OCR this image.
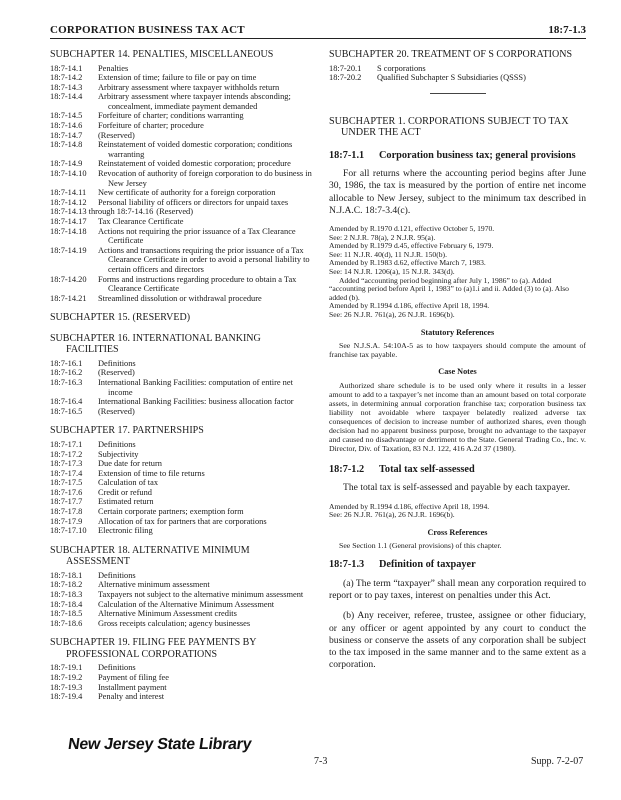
CORPORATION BUSINESS TAX ACT	18:7-1.3
SUBCHAPTER 14. PENALTIES, MISCELLANEOUS
18:7-14.1	Penalties
18:7-14.2	Extension of time; failure to file or pay on time
18:7-14.3	Arbitrary assessment where taxpayer withholds return
18:7-14.4	Arbitrary assessment where taxpayer intends absconding; concealment, immediate payment demanded
18:7-14.5	Forfeiture of charter; conditions warranting
18:7-14.6	Forfeiture of charter; procedure
18:7-14.7	(Reserved)
18:7-14.8	Reinstatement of voided domestic corporation; conditions warranting
18:7-14.9	Reinstatement of voided domestic corporation; procedure
18:7-14.10	Revocation of authority of foreign corporation to do business in New Jersey
18:7-14.11	New certificate of authority for a foreign corporation
18:7-14.12	Personal liability of officers or directors for unpaid taxes
18:7-14.13 through 18:7-14.16 (Reserved)
18:7-14.17	Tax Clearance Certificate
18:7-14.18	Actions not requiring the prior issuance of a Tax Clearance Certificate
18:7-14.19	Actions and transactions requiring the prior issuance of a Tax Clearance Certificate in order to avoid a personal liability to certain officers and directors
18:7-14.20	Forms and instructions regarding procedure to obtain a Tax Clearance Certificate
18:7-14.21	Streamlined dissolution or withdrawal procedure
SUBCHAPTER 15. (RESERVED)
SUBCHAPTER 16. INTERNATIONAL BANKING
FACILITIES
18:7-16.1	Definitions
18:7-16.2	(Reserved)
18:7-16.3	International Banking Facilities: computation of entire net income
18:7-16.4	International Banking Facilities: business allocation factor
18:7-16.5	(Reserved)
SUBCHAPTER 17. PARTNERSHIPS
18:7-17.1	Definitions
18:7-17.2	Subjectivity
18:7-17.3	Due date for return
18:7-17.4	Extension of time to file returns
18:7-17.5	Calculation of tax
18:7-17.6	Credit or refund
18:7-17.7	Estimated return
18:7-17.8	Certain corporate partners; exemption form
18:7-17.9	Allocation of tax for partners that are corporations
18:7-17.10	Electronic filing
SUBCHAPTER 18. ALTERNATIVE MINIMUM
ASSESSMENT
18:7-18.1	Definitions
18:7-18.2	Alternative minimum assessment
18:7-18.3	Taxpayers not subject to the alternative minimum assessment
18:7-18.4	Calculation of the Alternative Minimum Assessment
18:7-18.5	Alternative Minimum Assessment credits
18:7-18.6	Gross receipts calculation; agency businesses
SUBCHAPTER 19. FILING FEE PAYMENTS BY
PROFESSIONAL CORPORATIONS
18:7-19.1	Definitions
18:7-19.2	Payment of filing fee
18:7-19.3	Installment payment
18:7-19.4	Penalty and interest
SUBCHAPTER 20. TREATMENT OF S CORPORATIONS
18:7-20.1	S corporations
18:7-20.2	Qualified Subchapter S Subsidiaries (QSSS)
SUBCHAPTER 1. CORPORATIONS SUBJECT TO TAX
UNDER THE ACT
18:7-1.1 Corporation business tax; general provisions

For all returns where the accounting period begins after June 30, 1986, the tax is measured by the portion of entire net income allocable to New Jersey, subject to the minimum tax described in N.J.A.C. 18:7-3.4(c).

Amended by R.1970 d.121, effective October 5, 1970.

See: 2 N.J.R. 78(a), 2 N.J.R. 95(a).

Amended by R.1979 d.45, effective February 6, 1979.

See: 11 N.J.R. 40(d), 11 N.J.R. 150(b).

Amended by R.1983 d.62, effective March 7, 1983.

See: 14 N.J.R. 1206(a), 15 N.J.R. 343(d).

Added “accounting period beginning after July 1, 1986” to (a). Added “accounting period before April 1, 1983” to (a)1.i and ii. Added (3) to (a). Also added (b).

Amended by R.1994 d.186, effective April 18, 1994.

See: 26 N.J.R. 761(a), 26 N.J.R. 1696(b).

Statutory References

See N.J.S.A. 54:10A-5 as to how taxpayers should compute the amount of franchise tax payable.

Case Notes

Authorized share schedule is to be used only where it results in a lesser amount to add to a taxpayer’s net income than an amount based on total corporate assets, in determining annual corporation franchise tax; corporation business tax liability not avoidable where taxpayer belatedly realized adverse tax consequences of decision to increase number of authorized shares, even though decision had no apparent business purpose, brought no advantage to the taxpayer and caused no disadvantage or detriment to the State. General Trading Co., Inc. v. Director, Div. of Taxation, 83 N.J. 122, 416 A.2d 37 (1980).

18:7-1.2 Total tax self-assessed

The total tax is self-assessed and payable by each taxpayer.

Amended by R.1994 d.186, effective April 18, 1994.

See: 26 N.J.R. 761(a), 26 N.J.R. 1696(b).

Cross References

See Section 1.1 (General provisions) of this chapter.

18:7-1.3 Definition of taxpayer

(a) The term “taxpayer” shall mean any corporation required to report or to pay taxes, interest on penalties under this Act.

(b) Any receiver, referee, trustee, assignee or other fiduciary, or any officer or agent appointed by any court to conduct the business or conserve the assets of any corporation shall be subject to the tax imposed in the same manner and to the same extent as a corporation.

New Jersey State Library
7-3	Supp. 7-2-07
